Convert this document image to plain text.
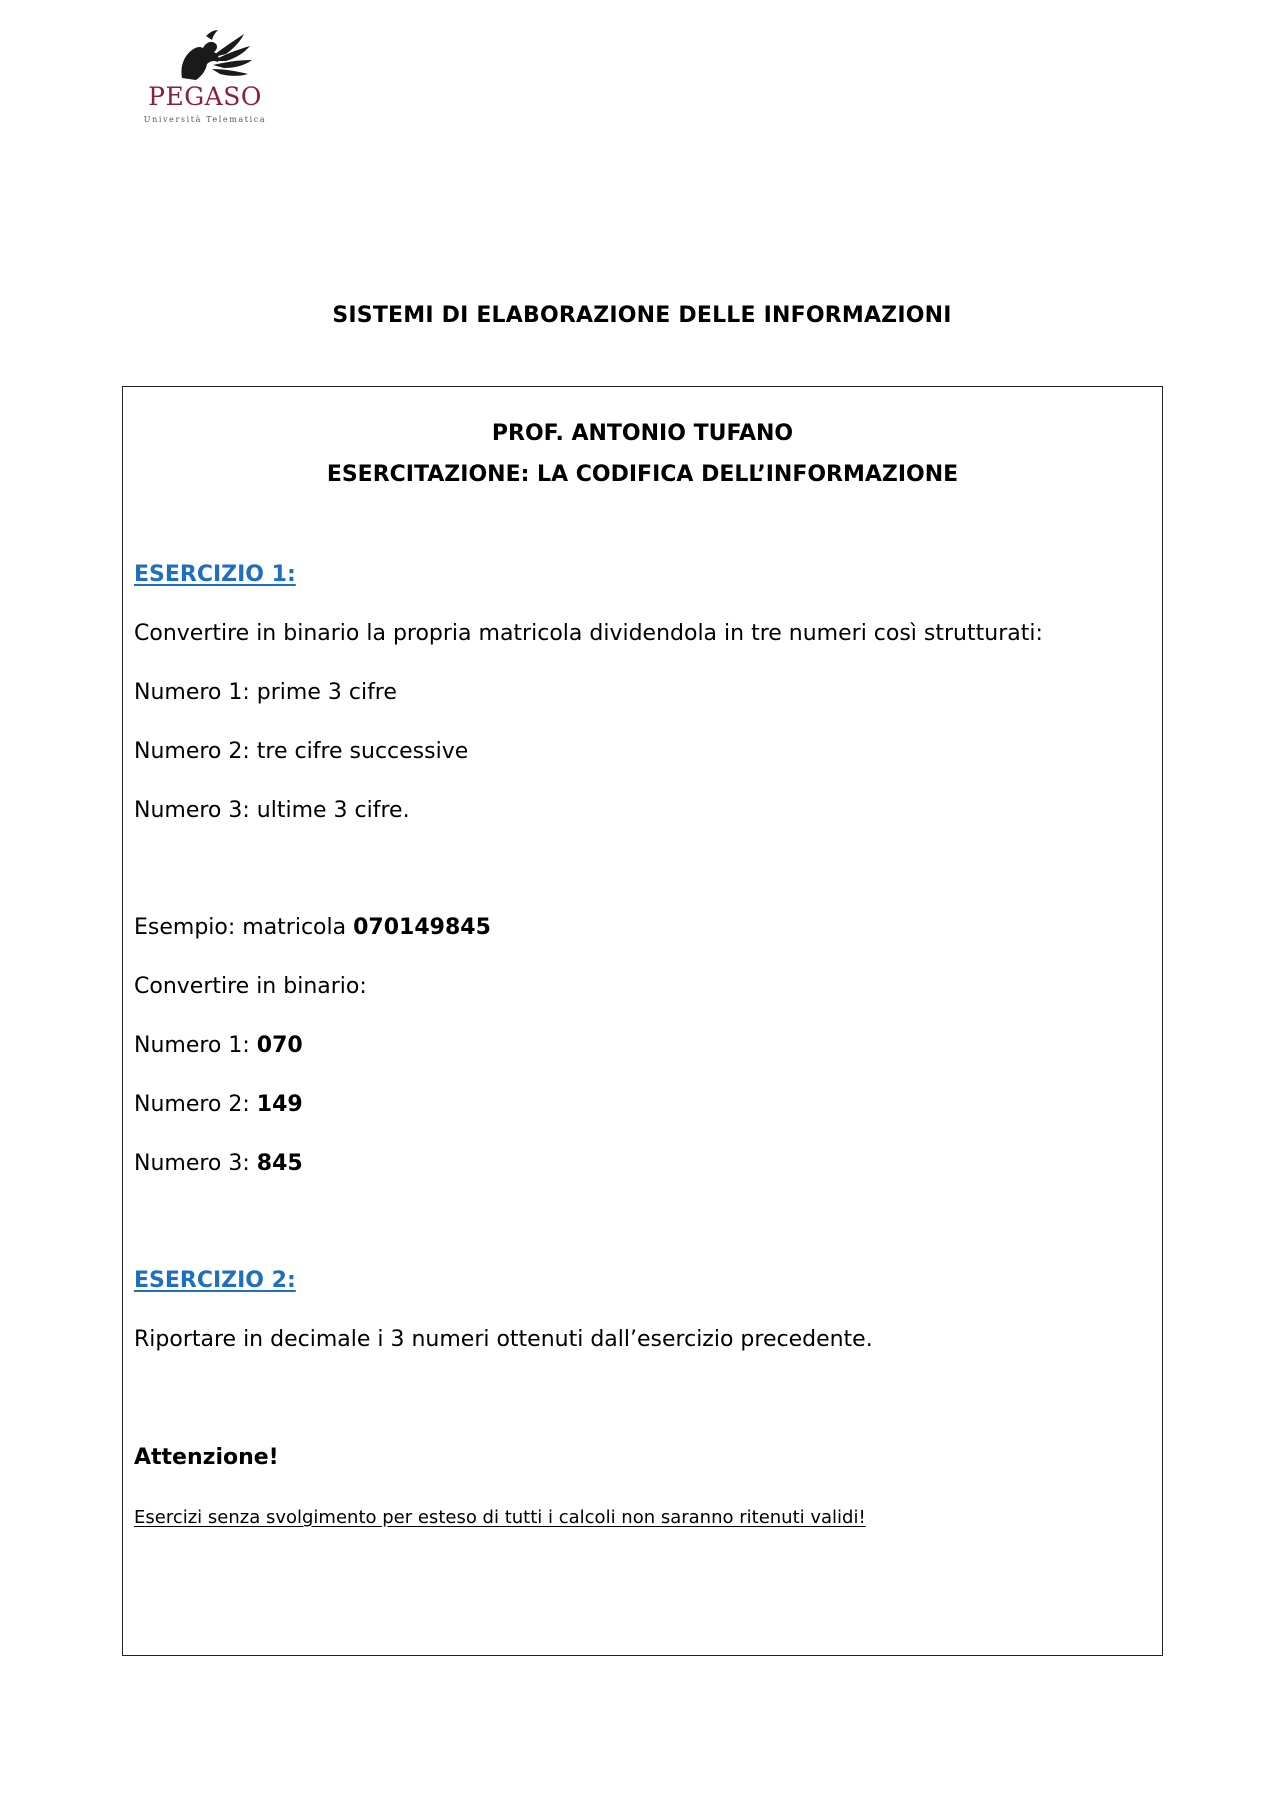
PEGASO
Università Telematica
SISTEMI DI ELABORAZIONE DELLE INFORMAZIONI
PROF. ANTONIO TUFANO
ESERCITAZIONE: LA CODIFICA DELL’INFORMAZIONE
ESERCIZIO 1:
Convertire in binario la propria matricola dividendola in tre numeri così strutturati:
Numero 1: prime 3 cifre
Numero 2: tre cifre successive
Numero 3: ultime 3 cifre.
Esempio: matricola 070149845
Convertire in binario:
Numero 1: 070
Numero 2: 149
Numero 3: 845
ESERCIZIO 2:
Riportare in decimale i 3 numeri ottenuti dall’esercizio precedente.
Attenzione!
Esercizi senza svolgimento per esteso di tutti i calcoli non saranno ritenuti validi!
